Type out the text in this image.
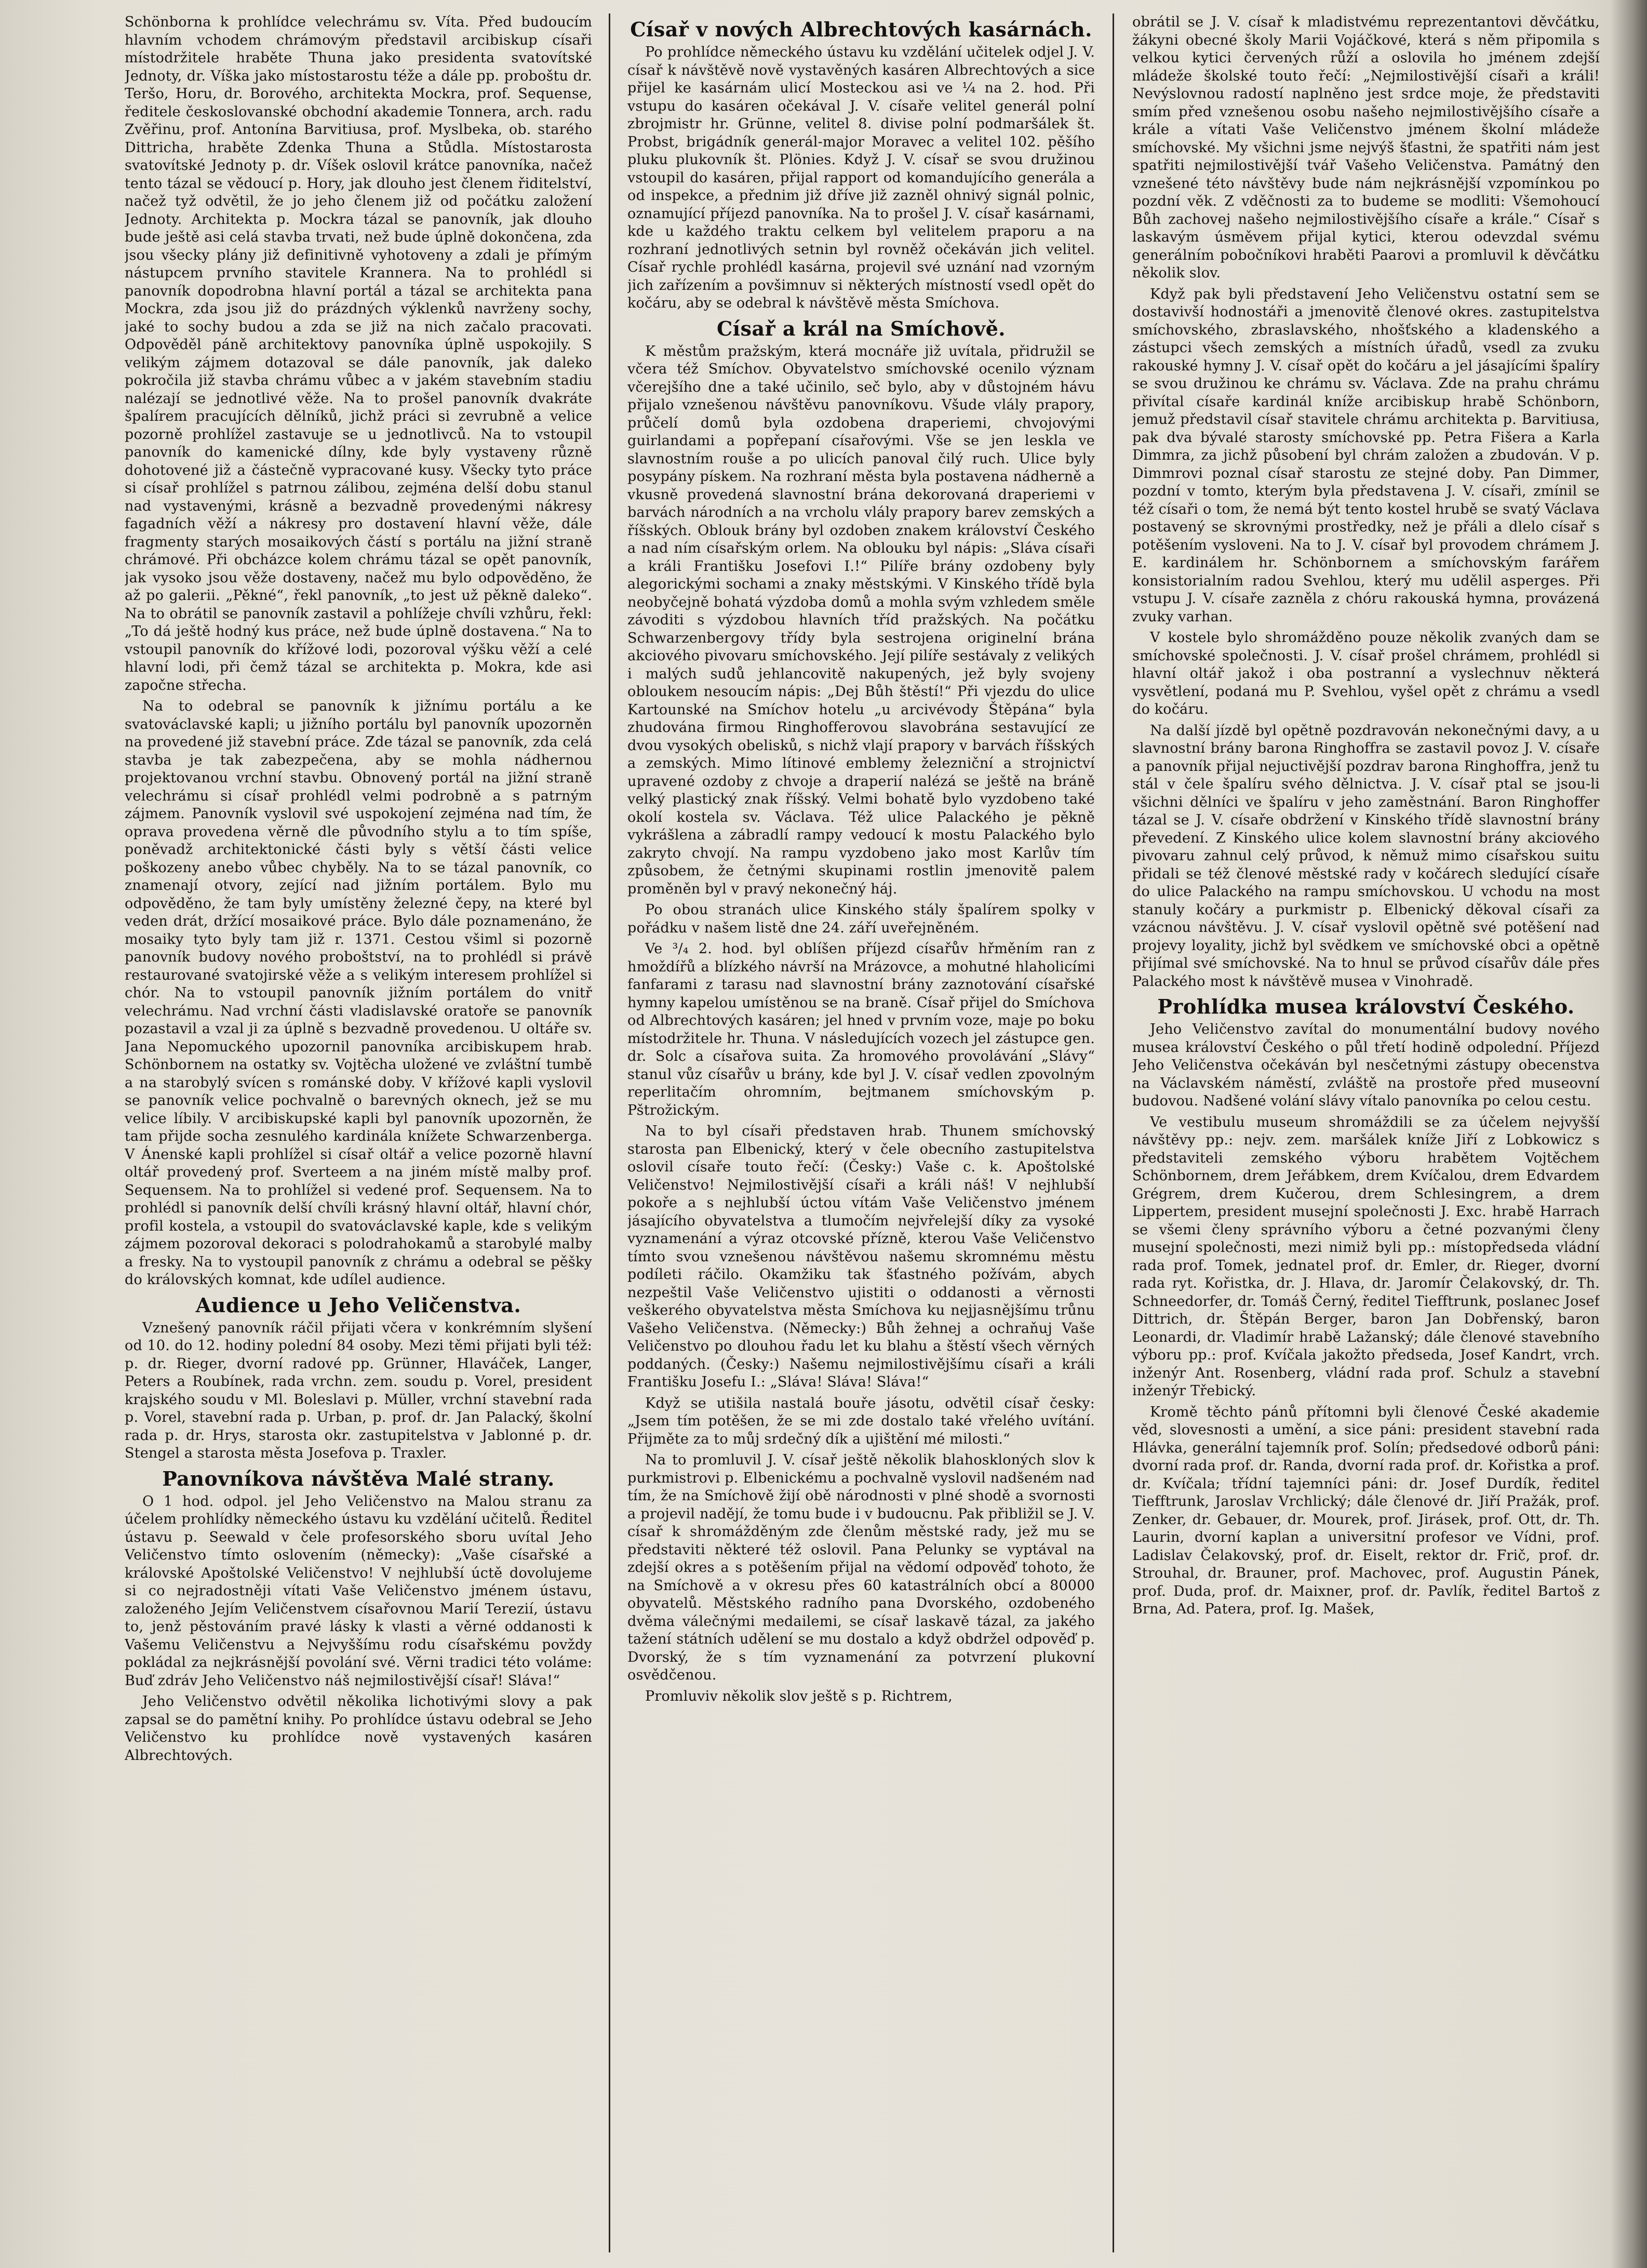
Schönborna k prohlídce velechrámu sv. Víta. Před budoucím hlavním vchodem chrámovým představil arcibiskup císaři místodržitele hraběte Thuna jako presidenta svatovítské Jednoty, dr. Víška jako místostarostu téže a dále pp. proboštu dr. Teršo, Horu, dr. Borového, architekta Mockra, prof. Sequense, ředitele českoslovanské obchodní akademie Tonnera, arch. radu Zvěřinu, prof. Antonína Barvitiusa, prof. Myslbeka, ob. starého Dittricha, hraběte Zdenka Thuna a Stůdla. Místostarosta svatovítské Jednoty p. dr. Víšek oslovil krátce panovníka, načež tento tázal se vědoucí p. Hory, jak dlouho jest členem řiditelství, načež tyž odvětil, že jo jeho členem již od počátku založení Jednoty. Architekta p. Mockra tázal se panovník, jak dlouho bude ještě asi celá stavba trvati, než bude úplně dokončena, zda jsou všecky plány již definitivně vyhotoveny a zdali je přímým nástupcem prvního stavitele Krannera. Na to prohlédl si panovník dopodrobna hlavní portál a tázal se architekta pana Mockra, zda jsou již do prázdných výklenků navrženy sochy, jaké to sochy budou a zda se již na nich začalo pracovati. Odpověděl páně architektovy panovníka úplně uspokojily. S velikým zájmem dotazoval se dále panovník, jak daleko pokročila již stavba chrámu vůbec a v jakém stavebním stadiu nalézají se jednotlivé věže. Na to prošel panovník dvakráte špalírem pracujících dělníků, jichž práci si zevrubně a velice pozorně prohlížel zastavuje se u jednotlivců. Na to vstoupil panovník do kamenické dílny, kde byly vystaveny různě dohotovené již a částečně vypracované kusy. Všecky tyto práce si císař prohlížel s patrnou zálibou, zejména delší dobu stanul nad vystavenými, krásně a bezvadně provedenými nákresy fagadních věží a nákresy pro dostavení hlavní věže, dále fragmenty starých mosaikových částí s portálu na jižní straně chrámové. Při obcházce kolem chrámu tázal se opět panovník, jak vysoko jsou věže dostaveny, načež mu bylo odpověděno, že až po galerii. „Pěkné“, řekl panovník, „to jest už pěkně daleko“. Na to obrátil se panovník zastavil a pohlížeje chvíli vzhůru, řekl: „To dá ještě hodný kus práce, než bude úplně dostavena.“ Na to vstoupil panovník do křížové lodi, pozoroval výšku věží a celé hlavní lodi, při čemž tázal se architekta p. Mokra, kde asi započne střecha.

Na to odebral se panovník k jižnímu portálu a ke svatováclavské kapli; u jižního portálu byl panovník upozorněn na provedené již stavební práce. Zde tázal se panovník, zda celá stavba je tak zabezpečena, aby se mohla nádhernou projektovanou vrchní stavbu. Obnovený portál na jižní straně velechrámu si císař prohlédl velmi podrobně a s patrným zájmem. Panovník vyslovil své uspokojení zejména nad tím, že oprava provedena věrně dle původního stylu a to tím spíše, poněvadž architektonické části byly s větší části velice poškozeny anebo vůbec chyběly. Na to se tázal panovník, co znamenají otvory, zející nad jižním portálem. Bylo mu odpověděno, že tam byly umístěny železné čepy, na které byl veden drát, držící mosaikové práce. Bylo dále poznamenáno, že mosaiky tyto byly tam již r. 1371. Cestou všiml si pozorně panovník budovy nového proboštství, na to prohlédl si právě restaurované svatojirské věže a s velikým interesem prohlížel si chór. Na to vstoupil panovník jižním portálem do vnitř velechrámu. Nad vrchní části vladislavské oratoře se panovník pozastavil a vzal ji za úplně s bezvadně provedenou. U oltáře sv. Jana Nepomuckého upozornil panovníka arcibiskupem hrab. Schönbornem na ostatky sv. Vojtěcha uložené ve zvláštní tumbě a na starobylý svícen s románské doby. V křížové kapli vyslovil se panovník velice pochvalně o barevných oknech, jež se mu velice líbily. V arcibiskupské kapli byl panovník upozorněn, že tam přijde socha zesnulého kardinála knížete Schwarzenberga. V Ánenské kapli prohlížel si císař oltář a velice pozorně hlavní oltář provedený prof. Sverteem a na jiném místě malby prof. Sequensem. Na to prohlížel si vedené prof. Sequensem. Na to prohlédl si panovník delší chvíli krásný hlavní oltář, hlavní chór, profil kostela, a vstoupil do svatováclavské kaple, kde s velikým zájmem pozoroval dekoraci s polodrahokamů a starobylé malby a fresky. Na to vystoupil panovník z chrámu a odebral se pěšky do královských komnat, kde udílel audience.

Audience u Jeho Veličenstva.

Vznešený panovník ráčil přijati včera v konkrémním slyšení od 10. do 12. hodiny polední 84 osoby. Mezi těmi přijati byli též: p. dr. Rieger, dvorní radové pp. Grünner, Hlaváček, Langer, Peters a Roubínek, rada vrchn. zem. soudu p. Vorel, president krajského soudu v Ml. Boleslavi p. Müller, vrchní stavební rada p. Vorel, stavební rada p. Urban, p. prof. dr. Jan Palacký, školní rada p. dr. Hrys, starosta okr. zastupitelstva v Jablonné p. dr. Stengel a starosta města Josefova p. Traxler.

Panovníkova návštěva Malé strany.

O 1 hod. odpol. jel Jeho Veličenstvo na Malou stranu za účelem prohlídky německého ústavu ku vzdělání učitelů. Ředitel ústavu p. Seewald v čele profesorského sboru uvítal Jeho Veličenstvo tímto oslovením (německy): „Vaše císařské a královské Apoštolské Veličenstvo! V nejhlubší úctě dovolujeme si co nejradostněji vítati Vaše Veličenstvo jménem ústavu, založeného Jejím Veličenstvem císařovnou Marií Terezií, ústavu to, jenž pěstováním pravé lásky k vlasti a věrné oddanosti k Vašemu Veličenstvu a Nejvyššímu rodu císařskému povždy pokládal za nejkrásnější povolání své. Věrni tradici této voláme: Buď zdráv Jeho Veličenstvo náš nejmilostivější císař! Sláva!“

Jeho Veličenstvo odvětil několika lichotivými slovy a pak zapsal se do pamětní knihy. Po prohlídce ústavu odebral se Jeho Veličenstvo ku prohlídce nově vystavených kasáren Albrechtových.

Císař v nových Albrechtových kasárnách.

Po prohlídce německého ústavu ku vzdělání učitelek odjel J. V. císař k návštěvě nově vystavěných kasáren Albrechtových a sice přijel ke kasárnám ulicí Mosteckou asi ve ¼ na 2. hod. Při vstupu do kasáren očekával J. V. císaře velitel generál polní zbrojmistr hr. Grünne, velitel 8. divise polní podmaršálek št. Probst, brigádník generál-major Moravec a velitel 102. pěšího pluku plukovník št. Plönies. Když J. V. císař se svou družinou vstoupil do kasáren, přijal rapport od komandujícího generála a od inspekce, a přednim již dříve již zazněl ohnivý signál polnic, oznamující příjezd panovníka. Na to prošel J. V. císař kasárnami, kde u každého traktu celkem byl velitelem praporu a na rozhraní jednotlivých setnin byl rovněž očekáván jich velitel. Císař rychle prohlédl kasárna, projevil své uznání nad vzorným jich zařízením a povšimnuv si některých místností vsedl opět do kočáru, aby se odebral k návštěvě města Smíchova.

Císař a král na Smíchově.

K městům pražským, která mocnáře již uvítala, přidružil se včera též Smíchov. Obyvatelstvo smíchovské ocenilo význam včerejšího dne a také učinilo, seč bylo, aby v důstojném hávu přijalo vznešenou návštěvu panovníkovu. Všude vlály prapory, průčelí domů byla ozdobena draperiemi, chvojovými guirlandami a popřepaní císařovými. Vše se jen leskla ve slavnostním rouše a po ulicích panoval čilý ruch. Ulice byly posypány pískem. Na rozhraní města byla postavena nádherně a vkusně provedená slavnostní brána dekorovaná draperiemi v barvách národních a na vrcholu vlály prapory barev zemských a říšských. Oblouk brány byl ozdoben znakem království Českého a nad ním císařským orlem. Na oblouku byl nápis: „Sláva císaři a králi Františku Josefovi I.!“ Pilíře brány ozdobeny byly alegorickými sochami a znaky městskými. V Kinského třídě byla neobyčejně bohatá výzdoba domů a mohla svým vzhledem směle závoditi s výzdobou hlavních tříd pražských. Na počátku Schwarzenbergovy třídy byla sestrojena originelní brána akciového pivovaru smíchovského. Její pilíře sestávaly z velikých i malých sudů jehlancovitě nakupených, jež byly svojeny obloukem nesoucím nápis: „Dej Bůh štěstí!“ Při vjezdu do ulice Kartounské na Smíchov hotelu „u arcivévody Štěpána“ byla zhudována firmou Ringhofferovou slavobrána sestavující ze dvou vysokých obelisků, s nichž vlají prapory v barvách říšských a zemských. Mimo lítinové emblemy železniční a strojnictví upravené ozdoby z chvoje a draperií nalézá se ještě na bráně velký plastický znak říšský. Velmi bohatě bylo vyzdobeno také okolí kostela sv. Václava. Též ulice Palackého je pěkně vykrášlena a zábradlí rampy vedoucí k mostu Palackého bylo zakryto chvojí. Na rampu vyzdobeno jako most Karlův tím způsobem, že četnými skupinami rostlin jmenovitě palem proměněn byl v pravý nekonečný háj.

Po obou stranách ulice Kinského stály špalírem spolky v pořádku v našem listě dne 24. září uveřejněném.

Ve ³/₄ 2. hod. byl oblíšen příjezd císařův hřměním ran z hmoždířů a blízkého návrší na Mrázovce, a mohutné hlaholicími fanfarami z tarasu nad slavnostní brány zaznotování císařské hymny kapelou umístěnou se na braně. Císař přijel do Smíchova od Albrechtových kasáren; jel hned v prvním voze, maje po boku místodržitele hr. Thuna. V následujících vozech jel zástupce gen. dr. Solc a císařova suita. Za hromového provolávání „Slávy“ stanul vůz císařův u brány, kde byl J. V. císař vedlen zpovolným reperlitačím ohromním, bejtmanem smíchovským p. Pštrožickým.

Na to byl císaři představen hrab. Thunem smíchovský starosta pan Elbenický, který v čele obecního zastupitelstva oslovil císaře touto řečí: (Česky:) Vaše c. k. Apoštolské Veličenstvo! Nejmilostivější císaři a králi náš! V nejhlubší pokoře a s nejhlubší úctou vítám Vaše Veličenstvo jménem jásajícího obyvatelstva a tlumočím nejvřelejší díky za vysoké vyznamenání a výraz otcovské přízně, kterou Vaše Veličenstvo tímto svou vznešenou návštěvou našemu skromnému městu podíleti ráčilo. Okamžiku tak šťastného požívám, abych nezpeštil Vaše Veličenstvo ujistiti o oddanosti a věrnosti veškerého obyvatelstva města Smíchova ku nejjasnějšímu trůnu Vašeho Veličenstva. (Německy:) Bůh žehnej a ochraňuj Vaše Veličenstvo po dlouhou řadu let ku blahu a štěstí všech věrných poddaných. (Česky:) Našemu nejmilostivějšímu císaři a králi Františku Josefu I.: „Sláva! Sláva! Sláva!“

Když se utišila nastalá bouře jásotu, odvětil císař česky: „Jsem tím potěšen, že se mi zde dostalo také vřelého uvítání. Přijměte za to můj srdečný dík a ujištění mé milosti.“

Na to promluvil J. V. císař ještě několik blahoskloných slov k purkmistrovi p. Elbenickému a pochvalně vyslovil nadšeném nad tím, že na Smíchově žijí obě národnosti v plné shodě a svornosti a projevil nadějí, že tomu bude i v budoucnu. Pak přibližil se J. V. císař k shromážděným zde členům městské rady, jež mu se představiti některé též oslovil. Pana Pelunky se vyptával na zdejší okres a s potěšením přijal na vědomí odpověď tohoto, že na Smíchově a v okresu přes 60 katastrálních obcí a 80000 obyvatelů. Městského radního pana Dvorského, ozdobeného dvěma válečnými medailemi, se císař laskavě tázal, za jakého tažení státních udělení se mu dostalo a když obdržel odpověď p. Dvorský, že s tím vyznamenání za potvrzení plukovní osvědčenou.

Promluviv několik slov ještě s p. Richtrem,

obrátil se J. V. císař k mladistvému reprezentantovi děvčátku, žákyni obecné školy Marii Vojáčkové, která s něm připomila s velkou kytici červených růží a oslovila ho jménem zdejší mládeže školské touto řečí: „Nejmilostivější císaři a králi! Nevýslovnou radostí naplněno jest srdce moje, že představiti smím před vznešenou osobu našeho nejmilostivějšího císaře a krále a vítati Vaše Veličenstvo jménem školní mládeže smíchovské. My všichni jsme nejvýš šťastni, že spatřiti nám jest spatřiti nejmilostivější tvář Vašeho Veličenstva. Památný den vznešené této návštěvy bude nám nejkrásnější vzpomínkou po pozdní věk. Z vděčnosti za to budeme se modliti: Všemohoucí Bůh zachovej našeho nejmilostivějšího císaře a krále.“ Císař s laskavým úsměvem přijal kytici, kterou odevzdal svému generálním pobočníkovi hraběti Paarovi a promluvil k děvčátku několik slov.

Když pak byli představení Jeho Veličenstvu ostatní sem se dostavivší hodnostáři a jmenovitě členové okres. zastupitelstva smíchovského, zbraslavského, nhošťského a kladenského a zástupci všech zemských a místních úřadů, vsedl za zvuku rakouské hymny J. V. císař opět do kočáru a jel jásajícími špalíry se svou družinou ke chrámu sv. Václava. Zde na prahu chrámu přivítal císaře kardinál kníže arcibiskup hrabě Schönborn, jemuž představil císař stavitele chrámu architekta p. Barvitiusa, pak dva bývalé starosty smíchovské pp. Petra Fišera a Karla Dimmra, za jichž působení byl chrám založen a zbudován. V p. Dimmrovi poznal císař starostu ze stejné doby. Pan Dimmer, pozdní v tomto, kterým byla představena J. V. císaři, zmínil se též císaři o tom, že nemá být tento kostel hrubě se svatý Václava postavený se skrovnými prostředky, než je přáli a dlelo císař s potěšením vysloveni. Na to J. V. císař byl provodem chrámem J. E. kardinálem hr. Schönbornem a smíchovským farářem konsistorialním radou Svehlou, který mu udělil asperges. Při vstupu J. V. císaře zazněla z chóru rakouská hymna, provázená zvuky varhan.

V kostele bylo shromážděno pouze několik zvaných dam se smíchovské společnosti. J. V. císař prošel chrámem, prohlédl si hlavní oltář jakož i oba postranní a vyslechnuv některá vysvětlení, podaná mu P. Svehlou, vyšel opět z chrámu a vsedl do kočáru.

Na další jízdě byl opětně pozdravován nekonečnými davy, a u slavnostní brány barona Ringhoffra se zastavil povoz J. V. císaře a panovník přijal nejuctivější pozdrav barona Ringhoffra, jenž tu stál v čele špalíru svého dělnictva. J. V. císař ptal se jsou-li všichni dělníci ve špalíru v jeho zaměstnání. Baron Ringhoffer tázal se J. V. císaře obdržení v Kinského třídě slavnostní brány převedení. Z Kinského ulice kolem slavnostní brány akciového pivovaru zahnul celý průvod, k němuž mimo císařskou suitu přidali se též členové městské rady v kočárech sledující císaře do ulice Palackého na rampu smíchovskou. U vchodu na most stanuly kočáry a purkmistr p. Elbenický děkoval císaři za vzácnou návštěvu. J. V. císař vyslovil opětně své potěšení nad projevy loyality, jichž byl svědkem ve smíchovské obci a opětně přijímal své smíchovské. Na to hnul se průvod císařův dále přes Palackého most k návštěvě musea v Vinohradě.

Prohlídka musea království Českého.

Jeho Veličenstvo zavítal do monumentální budovy nového musea království Českého o půl třetí hodině odpolední. Příjezd Jeho Veličenstva očekáván byl nesčetnými zástupy obecenstva na Václavském náměstí, zvláště na prostoře před museovní budovou. Nadšené volání slávy vítalo panovníka po celou cestu.

Ve vestibulu museum shromáždili se za účelem nejvyšší návštěvy pp.: nejv. zem. maršálek kníže Jiří z Lobkowicz s představiteli zemského výboru hrabětem Vojtěchem Schönbornem, drem Jeřábkem, drem Kvíčalou, drem Edvardem Grégrem, drem Kučerou, drem Schlesingrem, a drem Lippertem, president musejní společnosti J. Exc. hrabě Harrach se všemi členy správního výboru a četné pozvanými členy musejní společnosti, mezi nimiž byli pp.: místopředseda vládní rada prof. Tomek, jednatel prof. dr. Emler, dr. Rieger, dvorní rada ryt. Kořistka, dr. J. Hlava, dr. Jaromír Čelakovský, dr. Th. Schneedorfer, dr. Tomáš Černý, ředitel Tiefftrunk, poslanec Josef Dittrich, dr. Štěpán Berger, baron Jan Dobřenský, baron Leonardi, dr. Vladimír hrabě Lažanský; dále členové stavebního výboru pp.: prof. Kvíčala jakožto předseda, Josef Kandrt, vrch. inženýr Ant. Rosenberg, vládní rada prof. Schulz a stavební inženýr Třebický.

Kromě těchto pánů přítomni byli členové České akademie věd, slovesnosti a umění, a sice páni: president stavební rada Hlávka, generální tajemník prof. Solín; předsedové odborů páni: dvorní rada prof. dr. Randa, dvorní rada prof. dr. Kořistka a prof. dr. Kvíčala; třídní tajemníci páni: dr. Josef Durdík, ředitel Tiefftrunk, Jaroslav Vrchlický; dále členové dr. Jiří Pražák, prof. Zenker, dr. Gebauer, dr. Mourek, prof. Jirásek, prof. Ott, dr. Th. Laurin, dvorní kaplan a universitní profesor ve Vídni, prof. Ladislav Čelakovský, prof. dr. Eiselt, rektor dr. Frič, prof. dr. Strouhal, dr. Brauner, prof. Machovec, prof. Augustin Pánek, prof. Duda, prof. dr. Maixner, prof. dr. Pavlík, ředitel Bartoš z Brna, Ad. Patera, prof. Ig. Mašek,
